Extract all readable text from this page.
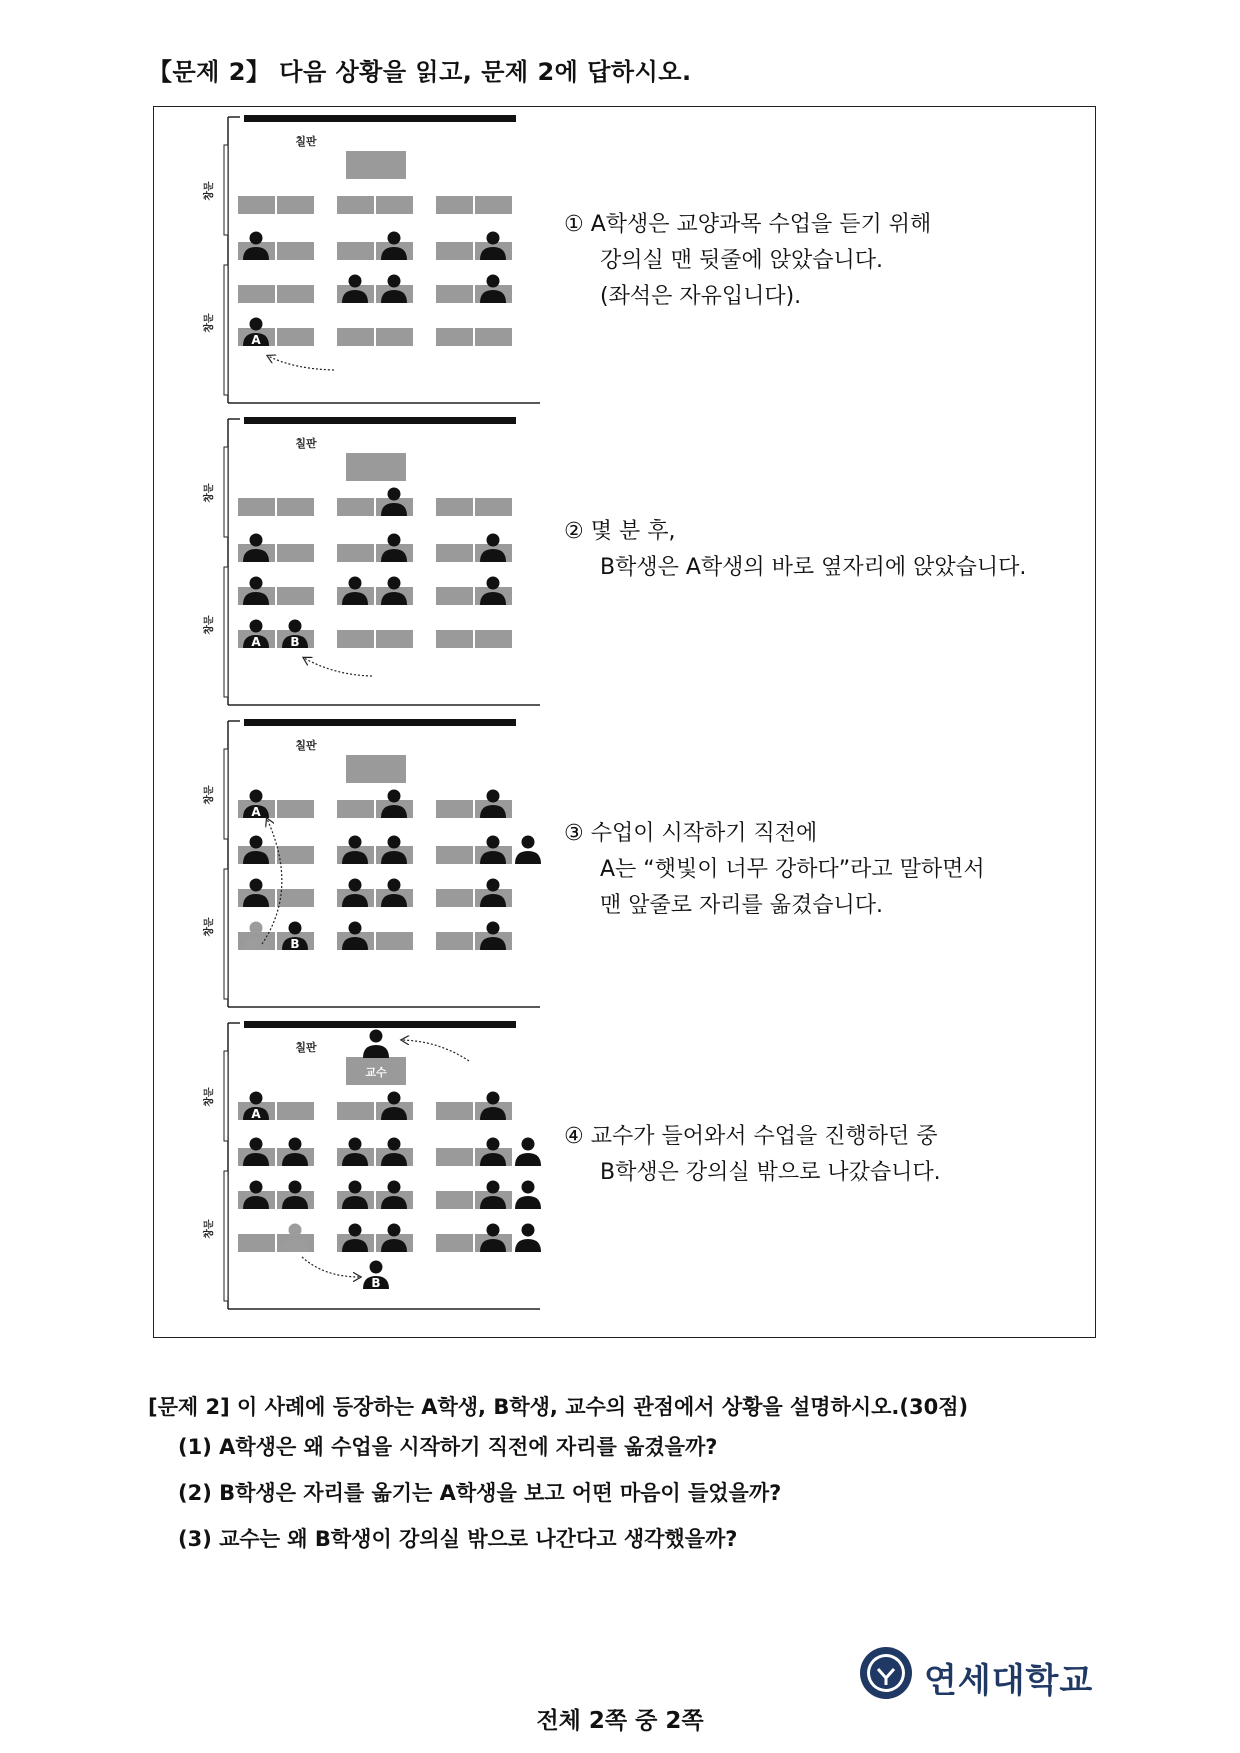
【문제 2】 다음 상황을 읽고, 문제 2에 답하시오.
칠판
창문
창문
A
① A학생은 교양과목 수업을 듣기 위해
강의실 맨 뒷줄에 앉았습니다.
(좌석은 자유입니다).
칠판
창문
창문
A B
② 몇 분 후,
B학생은 A학생의 바로 옆자리에 앉았습니다.
칠판
창문
창문
A
B
③ 수업이 시작하기 직전에
A는 “햇빛이 너무 강하다”라고 말하면서
맨 앞줄로 자리를 옮겼습니다.
칠판
창문
창문
교수
A
B
④ 교수가 들어와서 수업을 진행하던 중
B학생은 강의실 밖으로 나갔습니다.
[문제 2] 이 사례에 등장하는 A학생, B학생, 교수의 관점에서 상황을 설명하시오.(30점)
(1) A학생은 왜 수업을 시작하기 직전에 자리를 옮겼을까?
(2) B학생은 자리를 옮기는 A학생을 보고 어떤 마음이 들었을까?
(3) 교수는 왜 B학생이 강의실 밖으로 나간다고 생각했을까?
연세대학교
전체 2쪽 중 2쪽
